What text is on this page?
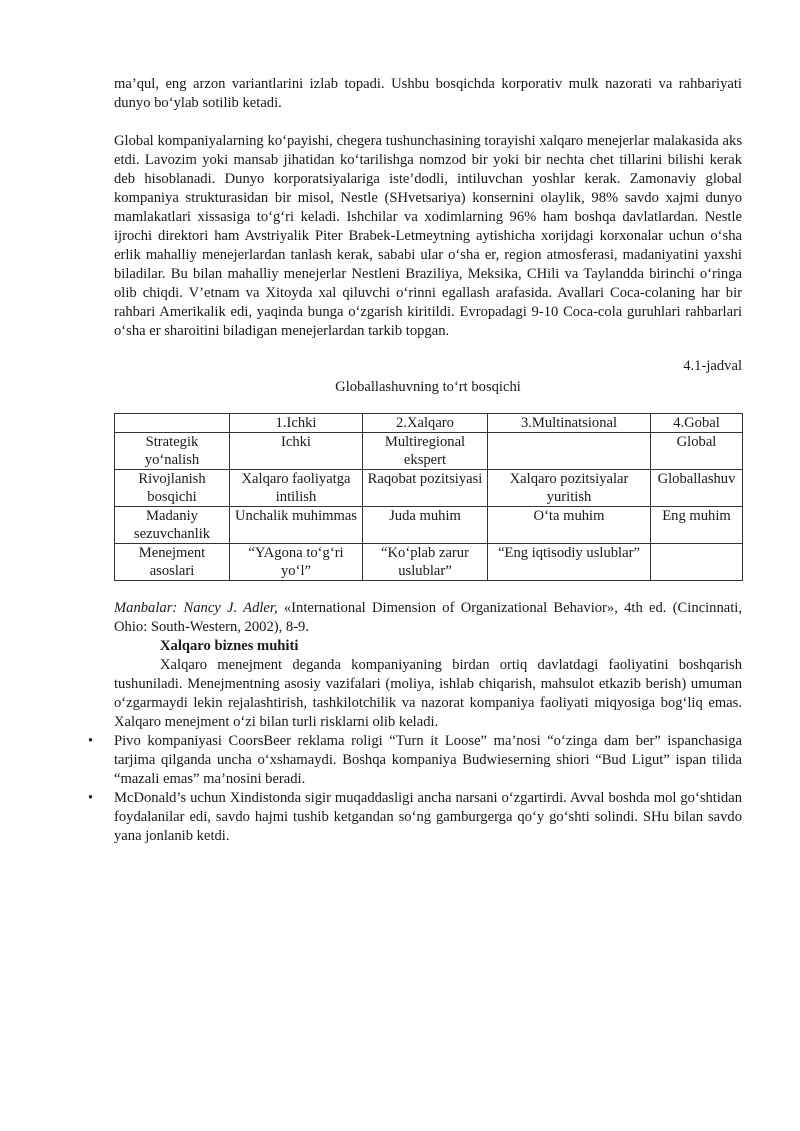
ma’qul, eng arzon variantlarini izlab topadi. Ushbu bosqichda korporativ mulk nazorati va rahbariyati dunyo bo‘ylab sotilib ketadi.

Global kompaniyalarning ko‘payishi, chegera tushunchasining torayishi xalqaro menejerlar malakasida aks etdi. Lavozim yoki mansab jihatidan ko‘tarilishga nomzod bir yoki bir nechta chet tillarini bilishi kerak deb hisoblanadi. Dunyo korporatsiyalariga iste’dodli, intiluvchan yoshlar kerak. Zamonaviy global kompaniya strukturasidan bir misol, Nestle (SHvetsariya) konsernini olaylik, 98% savdo xajmi dunyo mamlakatlari xissasiga to‘g‘ri keladi. Ishchilar va xodimlarning 96% ham boshqa davlatlardan. Nestle ijrochi direktori ham Avstriyalik Piter Brabek-Letmeytning aytishicha xorijdagi korxonalar uchun o‘sha erlik mahalliy menejerlardan tanlash kerak, sababi ular o‘sha er, region atmosferasi, madaniyatini yaxshi biladilar. Bu bilan mahalliy menejerlar Nestleni Braziliya, Meksika, CHili va Taylandda birinchi o‘ringa olib chiqdi. V’etnam va Xitoyda xal qiluvchi o‘rinni egallash arafasida. Avallari Coca-colaning har bir rahbari Amerikalik edi, yaqinda bunga o‘zgarish kiritildi. Evropadagi 9-10 Coca-cola guruhlari rahbarlari o‘sha er sharoitini biladigan menejerlardan tarkib topgan.

4.1-jadval
Globallashuvning to‘rt bosqichi
	1.Ichki	2.Xalqaro	3.Multinatsional	4.Gobal
Strategik yo‘nalish	Ichki	Multiregional ekspert		Global
Rivojlanish bosqichi	Xalqaro faoliyatga intilish	Raqobat pozitsiyasi	Xalqaro pozitsiyalar yuritish	Globallashuv
Madaniy sezuvchanlik	Unchalik muhimmas	Juda muhim	O‘ta muhim	Eng muhim
Menejment asoslari	“YAgona to‘g‘ri yo‘l”	“Ko‘plab zarur uslublar”	“Eng iqtisodiy uslublar”	

Manbalar: Nancy J. Adler, «International Dimension of Organizational Behavior», 4th ed. (Cincinnati, Ohio: South-Western, 2002), 8-9.

Xalqaro biznes muhiti

Xalqaro menejment deganda kompaniyaning birdan ortiq davlatdagi faoliyatini boshqarish tushuniladi. Menejmentning asosiy vazifalari (moliya, ishlab chiqarish, mahsulot etkazib berish) umuman o‘zgarmaydi lekin rejalashtirish, tashkilotchilik va nazorat kompaniya faoliyati miqyosiga bog‘liq emas. Xalqaro menejment o‘zi bilan turli risklarni olib keladi.

• Pivo kompaniyasi CoorsBeer reklama roligi “Turn it Loose” ma’nosi “o‘zinga dam ber” ispanchasiga tarjima qilganda uncha o‘xshamaydi. Boshqa kompaniya Budwieserning shiori “Bud Ligut” ispan tilida “mazali emas” ma’nosini beradi.
• McDonald’s uchun Xindistonda sigir muqaddasligi ancha narsani o‘zgartirdi. Avval boshda mol go‘shtidan foydalanilar edi, savdo hajmi tushib ketgandan so‘ng gamburgerga qo‘y go‘shti solindi. SHu bilan savdo yana jonlanib ketdi.
